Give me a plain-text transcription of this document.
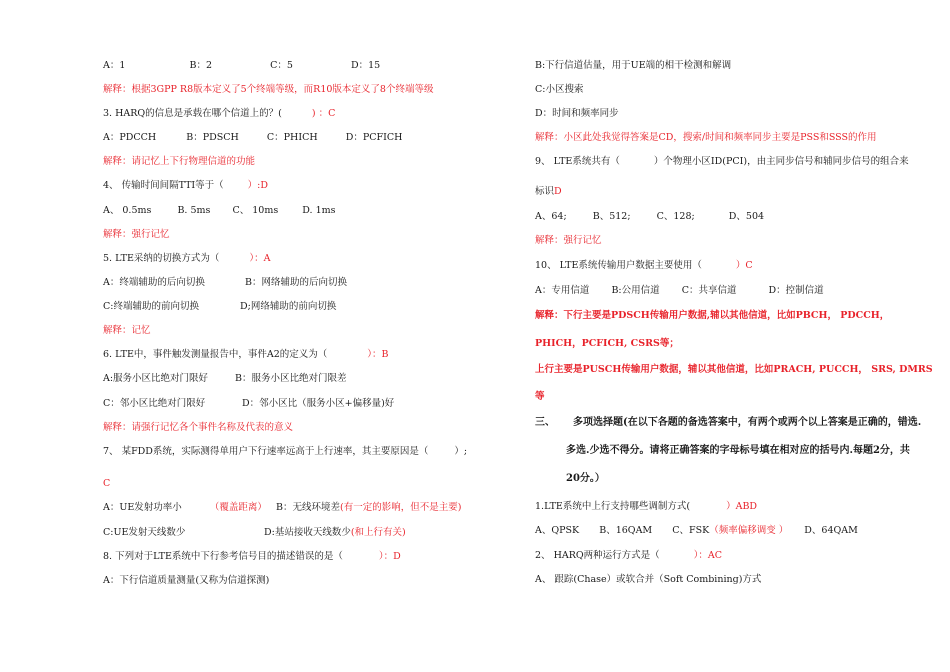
A：1	B：2	C：5	D：15
解释：根据3GPP R8版本定义了5个终端等级，而R10版本定义了8个终端等级
3. HARQ的信息是承载在哪个信道上的？(	) ：C
A：PDCCH	B：PDSCH	C：PHICH	D：PCFICH
解释：请记忆上下行物理信道的功能
4、 传输时间间隔TTI等于（	）:D
A、 0.5ms	B. 5ms C、 10ms	D. 1ms
解释：强行记忆
5. LTE采纳的切换方式为（	）：A
A：终端辅助的后向切换	B：网络辅助的后向切换
C:终端辅助的前向切换	D;网络辅助的前向切换
解释：记忆
6. LTE中，事件触发测量报告中，事件A2的定义为（	）：B
A:服务小区比绝对门限好	B：服务小区比绝对门限差
C：邻小区比绝对门限好	D：邻小区比（服务小区+偏移量)好
解释：请强行记忆各个事件名称及代表的意义
7、 某FDD系统，实际测得单用户下行速率远高于上行速率，其主要原因是（	）;
C
A：UE发射功率小	（覆盖距离） B：无线环境差(有一定的影响，但不是主要)
C:UE发射天线数少	D:基站接收天线数少(和上行有关)
8. 下列对于LTE系统中下行参考信号目的描述错误的是（	）：D
A：下行信道质量测量(又称为信道探测)
B:下行信道估量，用于UE端的相干检测和解调
C:小区搜索
D：时间和频率同步
解释：小区此处我觉得答案是CD，搜索/时间和频率同步主要是PSS和SSS的作用
9、 LTE系统共有（	）个物理小区ID(PCI)，由主同步信号和辅同步信号的组合来
标识D
A、64;	B、512;	C、128;	D、504
解释：强行记忆
10、 LTE系统传输用户数据主要使用（	）C
A：专用信道 B:公用信道 C：共享信道	D：控制信道
解释：下行主要是PDSCH传输用户数据,辅以其他信道，比如PBCH， PDCCH，
PHICH，PCFICH, CSRS等；
上行主要是PUSCH传输用户数据，辅以其他信道，比如PRACH, PUCCH， SRS, DMRS
等
三、 多项选择题(在以下各题的备选答案中，有两个或两个以上答案是正确的，错选.
多选.少选不得分。请将正确答案的字母标号填在相对应的括号内.每题2分，共
20分。）
1.LTE系统中上行支持哪些调制方式(	）ABD
A、QPSK B、16QAM C、FSK（频率偏移调变 ） D、64QAM
2、 HARQ两种运行方式是（	）：AC
A、 跟踪(Chase）或软合并（Soft Combining)方式
